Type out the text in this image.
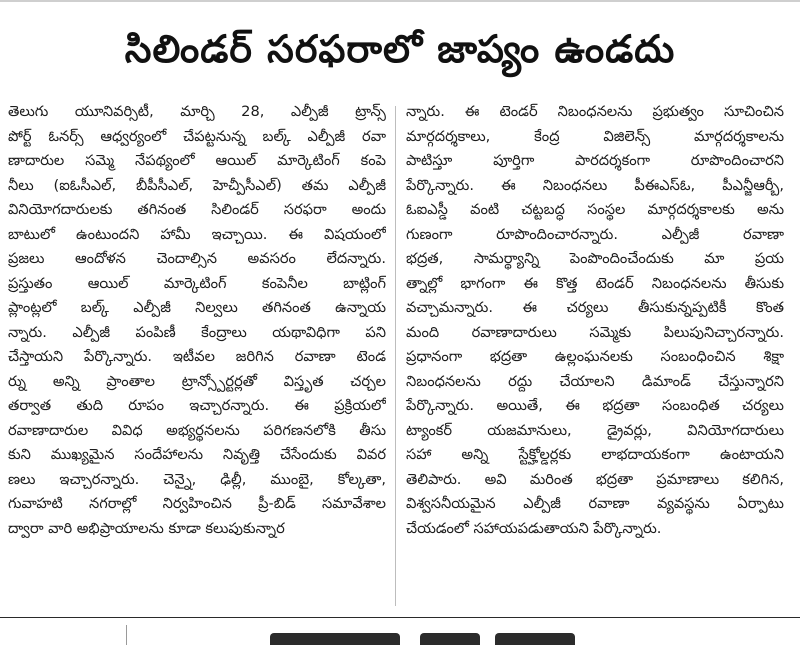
సిలిండర్ సరఫరాలో జాప్యం ఉండదు
తెలుగు యూనివర్సిటీ, మార్చి 28, ఎల్పీజీ ట్రాన్స్
పోర్ట్ ఓనర్స్ ఆధ్వర్యంలో చేపట్టనున్న బల్క్ ఎల్పీజీ రవా
ణాదారుల సమ్మె నేపథ్యంలో ఆయిల్ మార్కెటింగ్ కంపె
నీలు (ఐఓసీఎల్, బీపీసీఎల్, హెచ్పీసీఎల్) తమ ఎల్పీజీ
వినియోగదారులకు తగినంత సిలిండర్ సరఫరా అందు
బాటులో ఉంటుందని హామీ ఇచ్చాయి. ఈ విషయంలో
ప్రజలు ఆందోళన చెందాల్సిన అవసరం లేదన్నారు.
ప్రస్తుతం ఆయిల్ మార్కెటింగ్ కంపెనీల బాట్లింగ్
ప్లాంట్లలో బల్క్ ఎల్పీజీ నిల్వలు తగినంత ఉన్నాయ
న్నారు. ఎల్పీజీ పంపిణీ కేంద్రాలు యథావిధిగా పని
చేస్తాయని పేర్కొన్నారు. ఇటీవల జరిగిన రవాణా టెండ
ర్ను అన్ని ప్రాంతాల ట్రాన్స్పోర్టర్లతో విస్తృత చర్చల
తర్వాత తుది రూపం ఇచ్చారన్నారు. ఈ ప్రక్రియలో
రవాణాదారుల వివిధ అభ్యర్థనలను పరిగణనలోకి తీసు
కుని ముఖ్యమైన సందేహాలను నివృత్తి చేసేందుకు వివర
ణలు ఇచ్చారన్నారు. చెన్నై, ఢిల్లీ, ముంబై, కోల్కతా,
గువాహటి నగరాల్లో నిర్వహించిన ప్రీ-బిడ్ సమావేశాల
ద్వారా వారి అభిప్రాయాలను కూడా కలుపుకున్నార
న్నారు. ఈ టెండర్ నిబంధనలను ప్రభుత్వం సూచించిన
మార్గదర్శకాలు, కేంద్ర విజిలెన్స్ మార్గదర్శకాలను
పాటిస్తూ పూర్తిగా పారదర్శకంగా రూపొందించారని
పేర్కొన్నారు. ఈ నిబంధనలు పీఈఎస్ఓ, పీఎన్జీఆర్బీ,
ఓఐఎస్డీ వంటి చట్టబద్ధ సంస్థల మార్గదర్శకాలకు అను
గుణంగా రూపొందించారన్నారు. ఎల్పీజీ రవాణా
భద్రత, సామర్థ్యాన్ని పెంపొందించేందుకు మా ప్రయ
త్నాల్లో భాగంగా ఈ కొత్త టెండర్ నిబంధనలను తీసుకు
వచ్చామన్నారు. ఈ చర్యలు తీసుకున్నప్పటికీ కొంత
మంది రవాణాదారులు సమ్మెకు పిలుపునిచ్చారన్నారు.
ప్రధానంగా భద్రతా ఉల్లంఘనలకు సంబంధించిన శిక్షా
నిబంధనలను రద్దు చేయాలని డిమాండ్ చేస్తున్నారని
పేర్కొన్నారు. అయితే, ఈ భద్రతా సంబంధిత చర్యలు
ట్యాంకర్ యజమానులు, డ్రైవర్లు, వినియోగదారులు
సహా అన్ని స్టేక్హోల్డర్లకు లాభదాయకంగా ఉంటాయని
తెలిపారు. అవి మరింత భద్రతా ప్రమాణాలు కలిగిన,
విశ్వసనీయమైన ఎల్పీజీ రవాణా వ్యవస్థను ఏర్పాటు
చేయడంలో సహాయపడుతాయని పేర్కొన్నారు.
